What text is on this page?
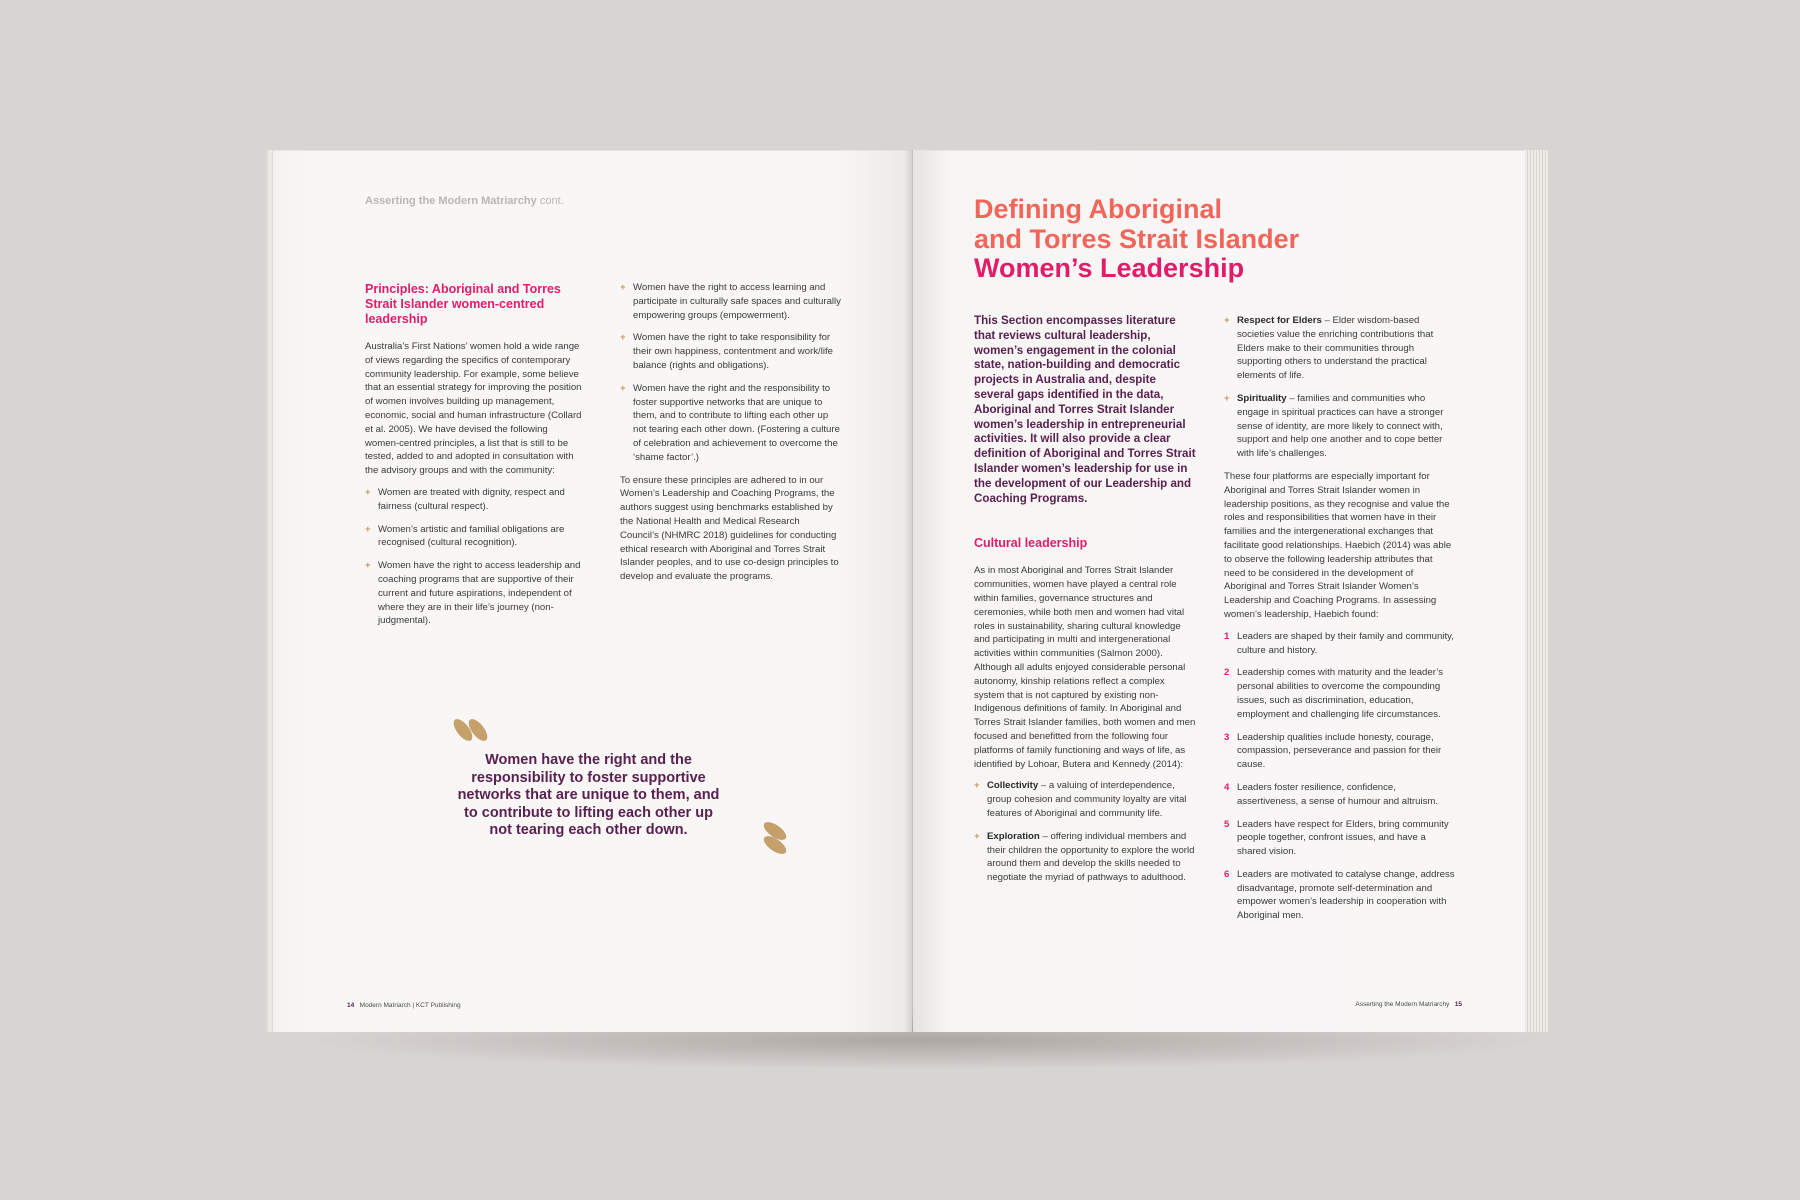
Asserting the Modern Matriarchy cont.
Principles: Aboriginal and Torres Strait Islander women-centred leadership

Australia’s First Nations’ women hold a wide range of views regarding the specifics of contemporary community leadership. For example, some believe that an essential strategy for improving the position of women involves building up management, economic, social and human infrastructure (Collard et al. 2005). We have devised the following women-centred principles, a list that is still to be tested, added to and adopted in consultation with the advisory groups and with the community:

+ Women are treated with dignity, respect and fairness (cultural respect).
+ Women’s artistic and familial obligations are recognised (cultural recognition).
+ Women have the right to access leadership and coaching programs that are supportive of their current and future aspirations, independent of where they are in their life’s journey (non-judgmental).
+ Women have the right to access learning and participate in culturally safe spaces and culturally empowering groups (empowerment).
+ Women have the right to take responsibility for their own happiness, contentment and work/life balance (rights and obligations).
+ Women have the right and the responsibility to foster supportive networks that are unique to them, and to contribute to lifting each other up not tearing each other down. (Fostering a culture of celebration and achievement to overcome the ‘shame factor’.)

To ensure these principles are adhered to in our Women’s Leadership and Coaching Programs, the authors suggest using benchmarks established by the National Health and Medical Research Council’s (NHMRC 2018) guidelines for conducting ethical research with Aboriginal and Torres Strait Islander peoples, and to use co-design principles to develop and evaluate the programs.

Women have the right and the responsibility to foster supportive networks that are unique to them, and to contribute to lifting each other up not tearing each other down.
14 Modern Matriarch | KCT Publishing
Defining Aboriginal
and Torres Strait Islander
Women’s Leadership

This Section encompasses literature that reviews cultural leadership, women’s engagement in the colonial state, nation-building and democratic projects in Australia and, despite several gaps identified in the data, Aboriginal and Torres Strait Islander women’s leadership in entrepreneurial activities. It will also provide a clear definition of Aboriginal and Torres Strait Islander women’s leadership for use in the development of our Leadership and Coaching Programs.

Cultural leadership

As in most Aboriginal and Torres Strait Islander communities, women have played a central role within families, governance structures and ceremonies, while both men and women had vital roles in sustainability, sharing cultural knowledge and participating in multi and intergenerational activities within communities (Salmon 2000). Although all adults enjoyed considerable personal autonomy, kinship relations reflect a complex system that is not captured by existing non-Indigenous definitions of family. In Aboriginal and Torres Strait Islander families, both women and men focused and benefitted from the following four platforms of family functioning and ways of life, as identified by Lohoar, Butera and Kennedy (2014):

+ Collectivity – a valuing of interdependence, group cohesion and community loyalty are vital features of Aboriginal and community life.
+ Exploration – offering individual members and their children the opportunity to explore the world around them and develop the skills needed to negotiate the myriad of pathways to adulthood.
+ Respect for Elders – Elder wisdom-based societies value the enriching contributions that Elders make to their communities through supporting others to understand the practical elements of life.
+ Spirituality – families and communities who engage in spiritual practices can have a stronger sense of identity, are more likely to connect with, support and help one another and to cope better with life’s challenges.

These four platforms are especially important for Aboriginal and Torres Strait Islander women in leadership positions, as they recognise and value the roles and responsibilities that women have in their families and the intergenerational exchanges that facilitate good relationships. Haebich (2014) was able to observe the following leadership attributes that need to be considered in the development of Aboriginal and Torres Strait Islander Women’s Leadership and Coaching Programs. In assessing women’s leadership, Haebich found:

1 Leaders are shaped by their family and community, culture and history.
2 Leadership comes with maturity and the leader’s personal abilities to overcome the compounding issues, such as discrimination, education, employment and challenging life circumstances.
3 Leadership qualities include honesty, courage, compassion, perseverance and passion for their cause.
4 Leaders foster resilience, confidence, assertiveness, a sense of humour and altruism.
5 Leaders have respect for Elders, bring community people together, confront issues, and have a shared vision.
6 Leaders are motivated to catalyse change, address disadvantage, promote self-determination and empower women’s leadership in cooperation with Aboriginal men.
Asserting the Modern Matriarchy 15
